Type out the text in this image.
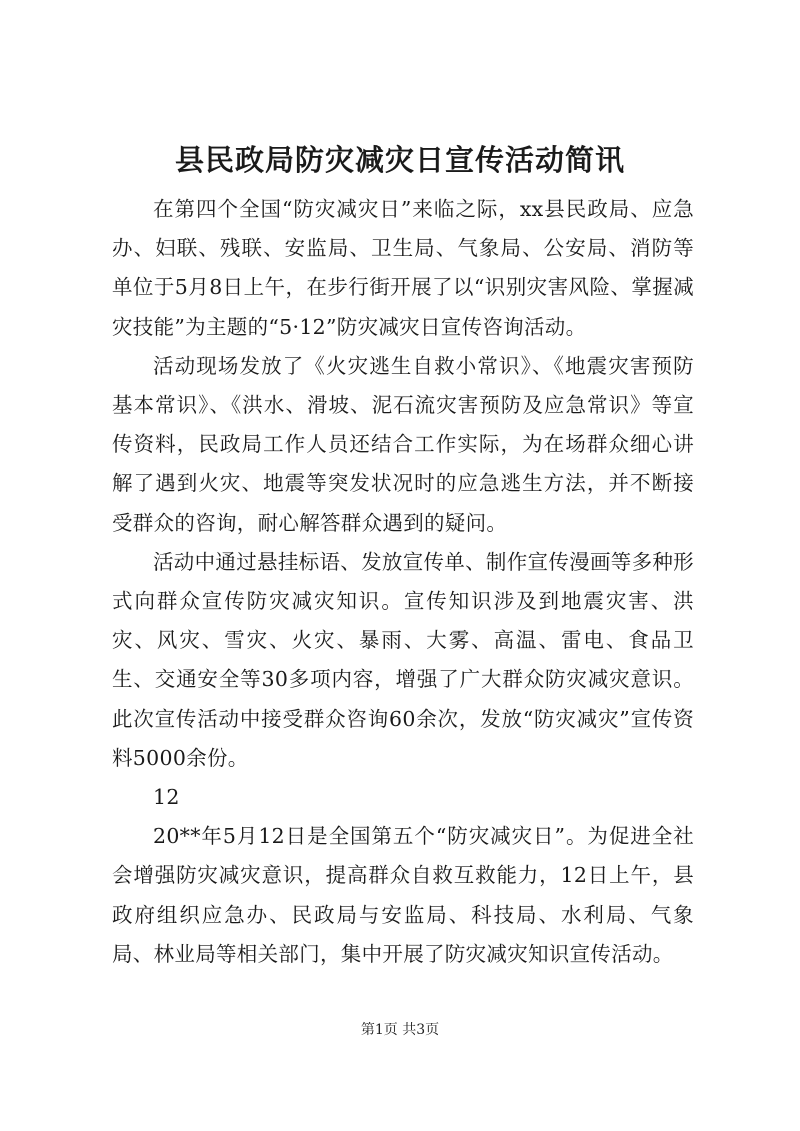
县民政局防灾减灾日宣传活动简讯

在第四个全国“防灾减灾日”来临之际，xx县民政局、应急办、妇联、残联、安监局、卫生局、气象局、公安局、消防等单位于5月8日上午，在步行街开展了以“识别灾害风险、掌握减灾技能”为主题的“5·12”防灾减灾日宣传咨询活动。

活动现场发放了《火灾逃生自救小常识》、《地震灾害预防基本常识》、《洪水、滑坡、泥石流灾害预防及应急常识》等宣传资料，民政局工作人员还结合工作实际，为在场群众细心讲解了遇到火灾、地震等突发状况时的应急逃生方法，并不断接受群众的咨询，耐心解答群众遇到的疑问。

活动中通过悬挂标语、发放宣传单、制作宣传漫画等多种形式向群众宣传防灾减灾知识。宣传知识涉及到地震灾害、洪灾、风灾、雪灾、火灾、暴雨、大雾、高温、雷电、食品卫生、交通安全等30多项内容，增强了广大群众防灾减灾意识。此次宣传活动中接受群众咨询60余次，发放“防灾减灾”宣传资料5000余份。

12

20**年5月12日是全国第五个“防灾减灾日”。为促进全社会增强防灾减灾意识，提高群众自救互救能力，12日上午，县政府组织应急办、民政局与安监局、科技局、水利局、气象局、林业局等相关部门，集中开展了防灾减灾知识宣传活动。

第1页 共3页
